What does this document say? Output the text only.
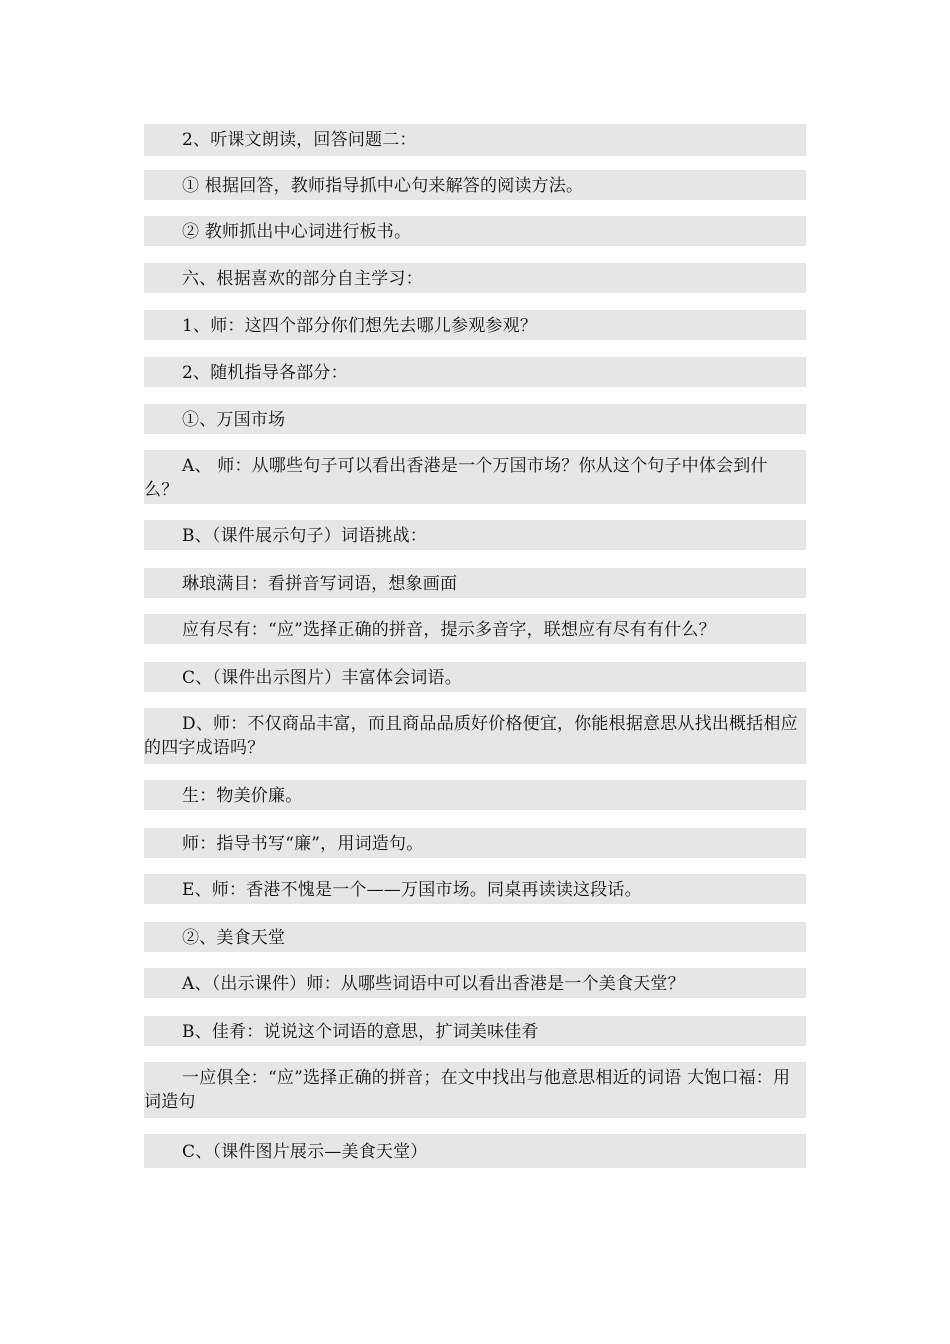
2、听课文朗读，回答问题二：
① 根据回答，教师指导抓中心句来解答的阅读方法。
② 教师抓出中心词进行板书。
六、根据喜欢的部分自主学习：
1、师：这四个部分你们想先去哪儿参观参观？
2、随机指导各部分：
①、万国市场
A、 师：从哪些句子可以看出香港是一个万国市场？你从这个句子中体会到什 么？
B、（课件展示句子）词语挑战：
琳琅满目：看拼音写词语，想象画面
应有尽有：“应”选择正确的拼音，提示多音字，联想应有尽有有什么？
C、（课件出示图片）丰富体会词语。
D、师：不仅商品丰富，而且商品品质好价格便宜，你能根据意思从找出概括相应的四字成语吗？
生：物美价廉。
师：指导书写“廉”，用词造句。
E、师：香港不愧是一个——万国市场。同桌再读读这段话。
②、美食天堂
A、（出示课件）师：从哪些词语中可以看出香港是一个美食天堂？
B、佳肴：说说这个词语的意思，扩词美味佳肴
一应俱全：“应”选择正确的拼音；在文中找出与他意思相近的词语 大饱口福：用词造句
C、（课件图片展示—美食天堂）
